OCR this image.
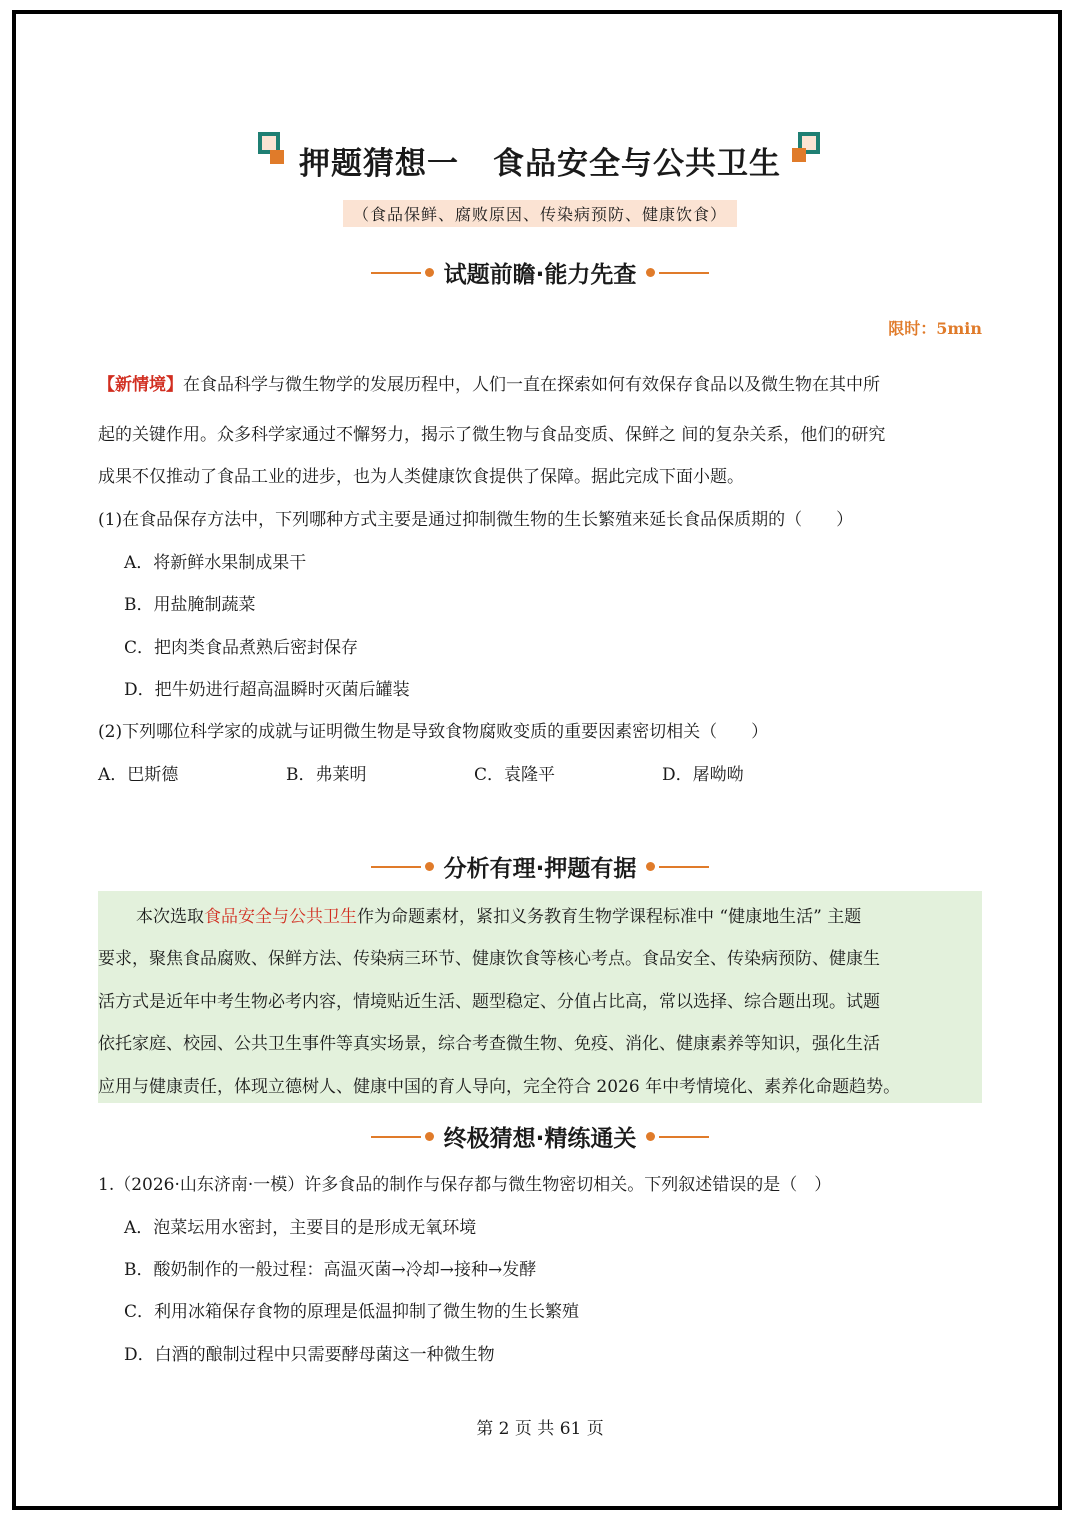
押题猜想一 食品安全与公共卫生
（食品保鲜、腐败原因、传染病预防、健康饮食）
试题前瞻·能力先查
限时：5min
【新情境】在食品科学与微生物学的发展历程中，人们一直在探索如何有效保存食品以及微生物在其中所
起的关键作用。众多科学家通过不懈努力，揭示了微生物与食品变质、保鲜之 间的复杂关系，他们的研究
成果不仅推动了食品工业的进步，也为人类健康饮食提供了保障。据此完成下面小题。
(1)在食品保存方法中，下列哪种方式主要是通过抑制微生物的生长繁殖来延长食品保质期的（　　）
A．将新鲜水果制成果干
B．用盐腌制蔬菜
C．把肉类食品煮熟后密封保存
D．把牛奶进行超高温瞬时灭菌后罐装
(2)下列哪位科学家的成就与证明微生物是导致食物腐败变质的重要因素密切相关（　　）
A．巴斯德	B．弗莱明	C．袁隆平	D．屠呦呦
分析有理·押题有据
本次选取食品安全与公共卫生作为命题素材，紧扣义务教育生物学课程标准中 “健康地生活” 主题
要求，聚焦食品腐败、保鲜方法、传染病三环节、健康饮食等核心考点。食品安全、传染病预防、健康生
活方式是近年中考生物必考内容，情境贴近生活、题型稳定、分值占比高，常以选择、综合题出现。试题
依托家庭、校园、公共卫生事件等真实场景，综合考查微生物、免疫、消化、健康素养等知识，强化生活
应用与健康责任，体现立德树人、健康中国的育人导向，完全符合 2026 年中考情境化、素养化命题趋势。
终极猜想·精练通关
1.（2026·山东济南·一模）许多食品的制作与保存都与微生物密切相关。下列叙述错误的是（　）
A．泡菜坛用水密封，主要目的是形成无氧环境
B．酸奶制作的一般过程：高温灭菌→冷却→接种→发酵
C．利用冰箱保存食物的原理是低温抑制了微生物的生长繁殖
D．白酒的酿制过程中只需要酵母菌这一种微生物
第 2 页 共 61 页
